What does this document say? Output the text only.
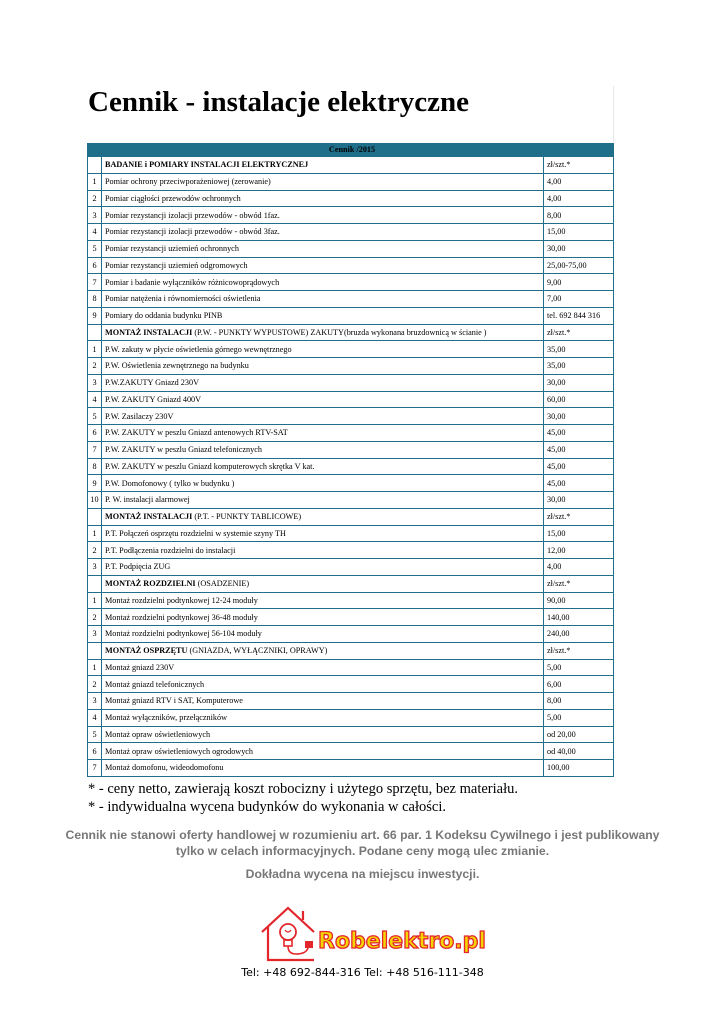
Cennik - instalacje elektryczne
Cennik /2015		
	BADANIE i POMIARY INSTALACJI ELEKTRYCZNEJ	zł/szt.*
1	Pomiar ochrony przeciwporażeniowej (zerowanie)	4,00
2	Pomiar ciągłości przewodów ochronnych	4,00
3	Pomiar rezystancji izolacji przewodów - obwód 1faz.	8,00
4	Pomiar rezystancji izolacji przewodów - obwód 3faz.	15,00
5	Pomiar rezystancji uziemień ochronnych	30,00
6	Pomiar rezystancji uziemień odgromowych	25,00-75,00
7	Pomiar i badanie wyłączników różnicowoprądowych	9,00
8	Pomiar natężenia i równomierności oświetlenia	7,00
9	Pomiary do oddania budynku PINB	tel. 692 844 316
	MONTAŻ INSTALACJI (P.W. - PUNKTY WYPUSTOWE) ZAKUTY(bruzda wykonana bruzdownicą w ścianie )	zł/szt.*
1	P.W. zakuty w płycie oświetlenia górnego wewnętrznego	35,00
2	P.W. Oświetlenia zewnętrznego na budynku	35,00
3	P.W.ZAKUTY Gniazd 230V	30,00
4	P.W. ZAKUTY Gniazd 400V	60,00
5	P.W. Zasilaczy 230V	30,00
6	P.W. ZAKUTY w peszlu Gniazd antenowych RTV-SAT	45,00
7	P.W. ZAKUTY w peszlu Gniazd telefonicznych	45,00
8	P.W. ZAKUTY w peszlu Gniazd komputerowych skrętka V kat.	45,00
9	P.W. Domofonowy ( tylko w budynku )	45,00
10	P. W. instalacji alarmowej	30,00
	MONTAŻ INSTALACJI (P.T. - PUNKTY TABLICOWE)	zł/szt.*
1	P.T. Połączeń osprzętu rozdzielni w systemie szyny TH	15,00
2	P.T. Podłączenia rozdzielni do instalacji	12,00
3	P.T. Podpięcia ZUG	4,00
	MONTAŻ ROZDZIELNI (OSADZENIE)	zł/szt.*
1	Montaż rozdzielni podtynkowej 12-24 moduły	90,00
2	Montaż rozdzielni podtynkowej 36-48 moduły	140,00
3	Montaż rozdzielni podtynkowej 56-104 moduły	240,00
	MONTAŻ OSPRZĘTU (GNIAZDA, WYŁĄCZNIKI, OPRAWY)	zł/szt.*
1	Montaż gniazd 230V	5,00
2	Montaż gniazd telefonicznych	6,00
3	Montaż gniazd RTV i SAT, Komputerowe	8,00
4	Montaż wyłączników, przełączników	5,00
5	Montaż opraw oświetleniowych	od 20,00
6	Montaż opraw oświetleniowych ogrodowych	od 40,00
7	Montaż domofonu, wideodomofonu	100,00
* - ceny netto, zawierają koszt robocizny i użytego sprzętu, bez materiału.
* - indywidualna wycena budynków do wykonania w całości.
Cennik nie stanowi oferty handlowej w rozumieniu art. 66 par. 1 Kodeksu Cywilnego i jest publikowany tylko w celach informacyjnych. Podane ceny mogą ulec zmianie.
Dokładna wycena na miejscu inwestycji.
Robelektro.pl
Tel: +48 692-844-316 Tel: +48 516-111-348
